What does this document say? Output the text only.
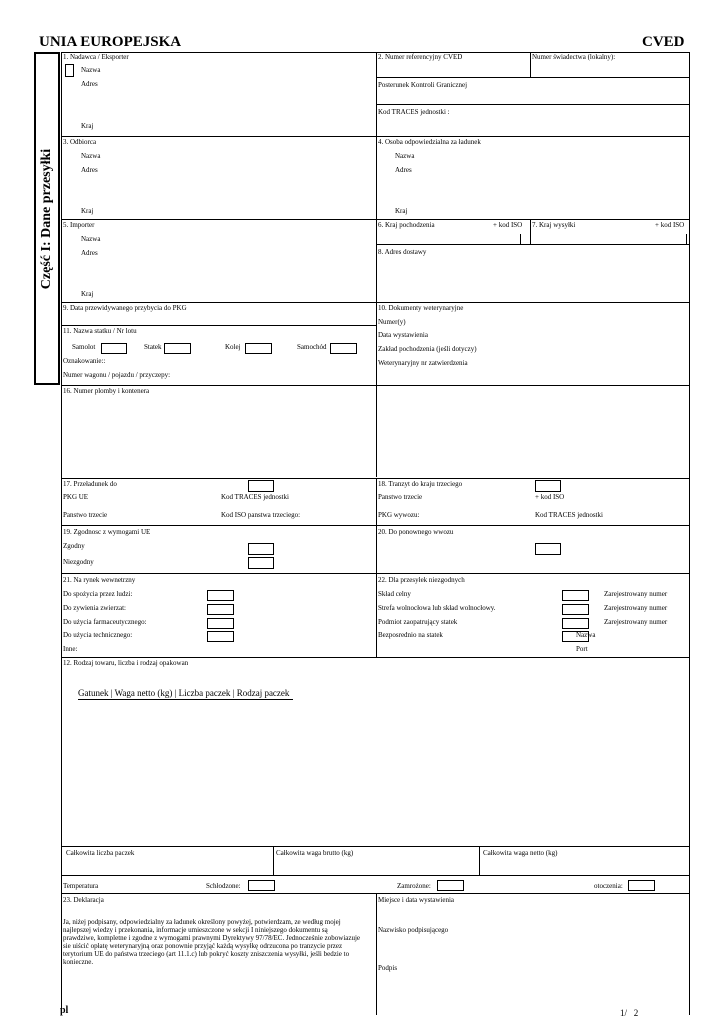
UNIA EUROPEJSKA	CVED
Część I: Dane przesyłki
1. Nadawca / Eksporter
Nazwa
Adres
Kraj
2. Numer referencyjny CVED	Numer świadectwa (lokalny):
Posterunek Kontroli Granicznej
Kod TRACES jednostki :
3. Odbiorca
Nazwa
Adres
Kraj
4. Osoba odpowiedzialna za ładunek
Nazwa
Adres
Kraj
5. Importer
Nazwa
Adres
Kraj
6. Kraj pochodzenia	+ kod ISO 7. Kraj wysyłki	+ kod ISO
8. Adres dostawy
9. Data przewidywanego przybycia do PKG	10. Dokumenty weterynaryjne
Numer(y)
Data wystawienia
Zakład pochodzenia (jeśli dotyczy)
Weterynaryjny nr zatwierdzenia
11. Nazwa statku / Nr lotu
Samolot	Statek	Kolej	Samochód
Oznakowanie::
Numer wagonu / pojazdu / przyczepy:
16. Numer plomby i kontenera
17. Przeładunek do
PKG UE	Kod TRACES jednostki
Panstwo trzecie	Kod ISO panstwa trzeciego:
18. Tranzyt do kraju trzeciego
Panstwo trzecie	+ kod ISO
PKG wywozu:	Kod TRACES jednostki
19. Zgodnosc z wymogami UE
Zgodny
Niezgodny
20. Do ponownego wwozu
21. Na rynek wewnetrzny
Do spożycia przez ludzi:
Do zywienia zwierzat:
Do użycia farmaceutycznego:
Do użycia technicznego:
Inne:
22. Dla przesyłek niezgodnych
Skład celny	Zarejestrowany numer
Strefa wolnocłowa lub skład wolnocłowy.	Zarejestrowany numer
Podmiot zaopatrujący statek	Zarejestrowany numer
Bezposrednio na statek	Nazwa
Port
12. Rodzaj towaru, liczba i rodzaj opakowan
Gatunek | Waga netto (kg) | Liczba paczek | Rodzaj paczek
Całkowita liczba paczek	Całkowita waga brutto (kg)	Całkowita waga netto (kg)
Temperatura	Schłodzone:	Zamrożone:	otoczenia:
23. Deklaracja
Ja, niżej podpisany, odpowiedzialny za ładunek określony powyżej, potwierdzam, ze według mojej
najlepszej wiedzy i przekonania, informacje umieszczone w sekcji I niniejszego dokumentu są
prawdziwe, kompletne i zgodne z wymogami prawnymi Dyrektywy 97/78/EC. Jednocześnie zobowiazuje
sie uiścić opłatę weterynaryjną oraz ponownie przyjąć każdą wysyłkę odrzucona po tranzycie przez
terytorium UE do państwa trzeciego (art 11.1.c) lub pokryć koszty zniszczenia wysyłki, jeśli bedzie to
konieczne.
Miejsce i data wystawienia
Nazwisko podpisującego
Podpis
pl	1/   2
